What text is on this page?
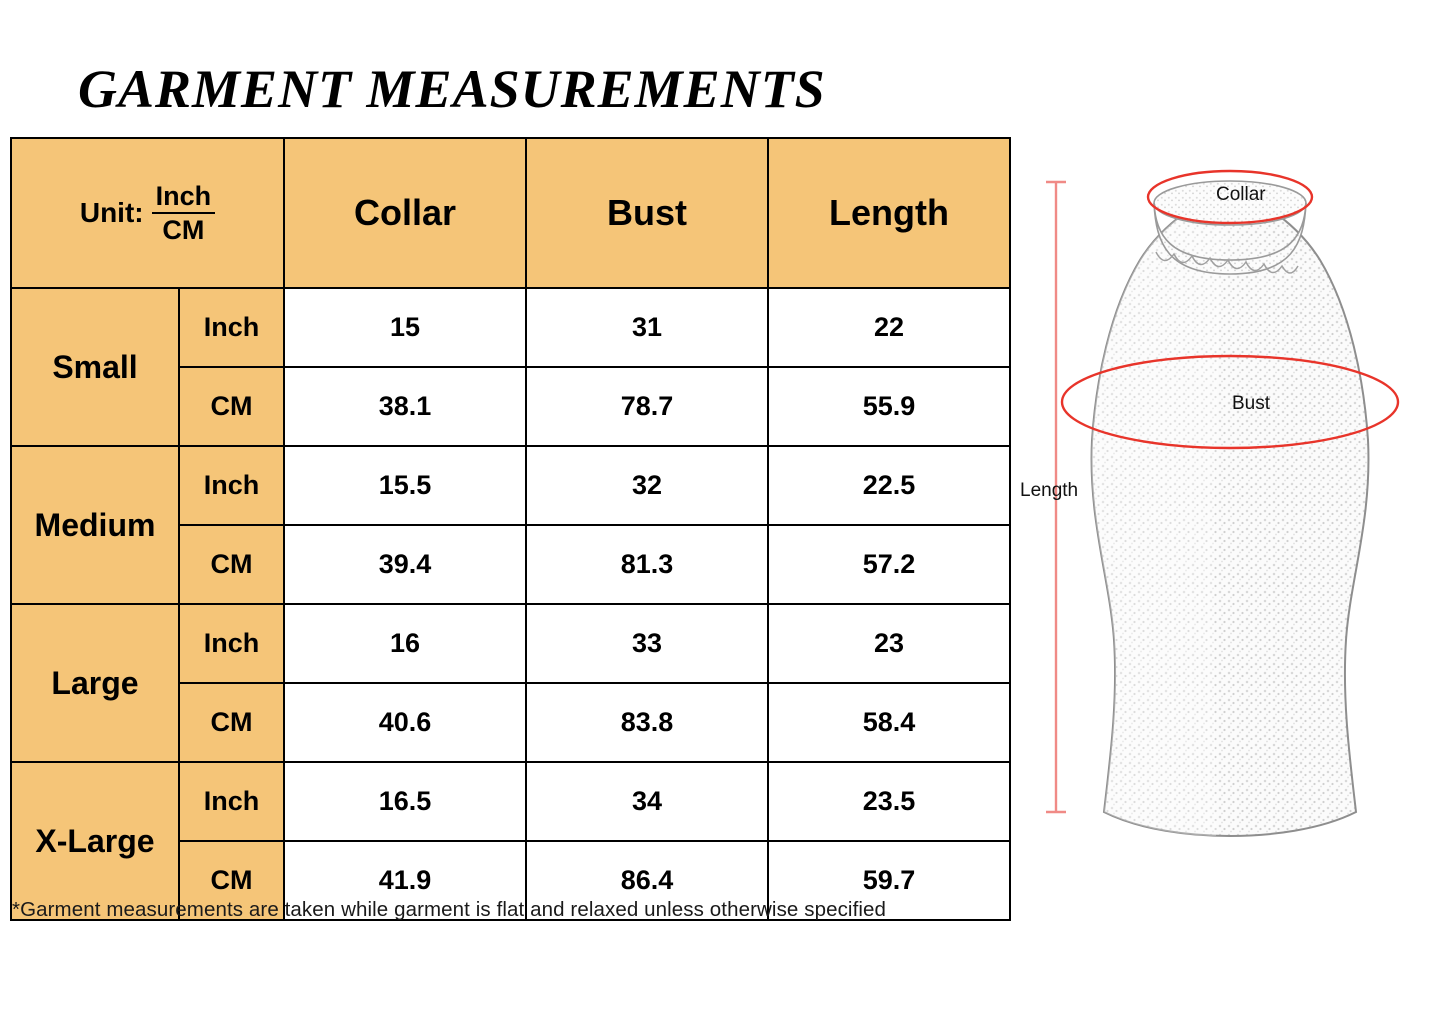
GARMENT MEASUREMENTS
Unit: $\frac{\text{Inch}}{CM}$		Collar	Bust	Length
Small	Inch	15	31	22
	CM	38.1	78.7	55.9
Medium	Inch	15.5	32	22.5
	CM	39.4	81.3	57.2
Large	Inch	16	33	23
	CM	40.6	83.8	58.4
X-Large	Inch	16.5	34	23.5
	CM	41.9	86.4	59.7
*Garment measurements are taken while garment is flat and relaxed unless otherwise specified
Collar
Bust
Length
